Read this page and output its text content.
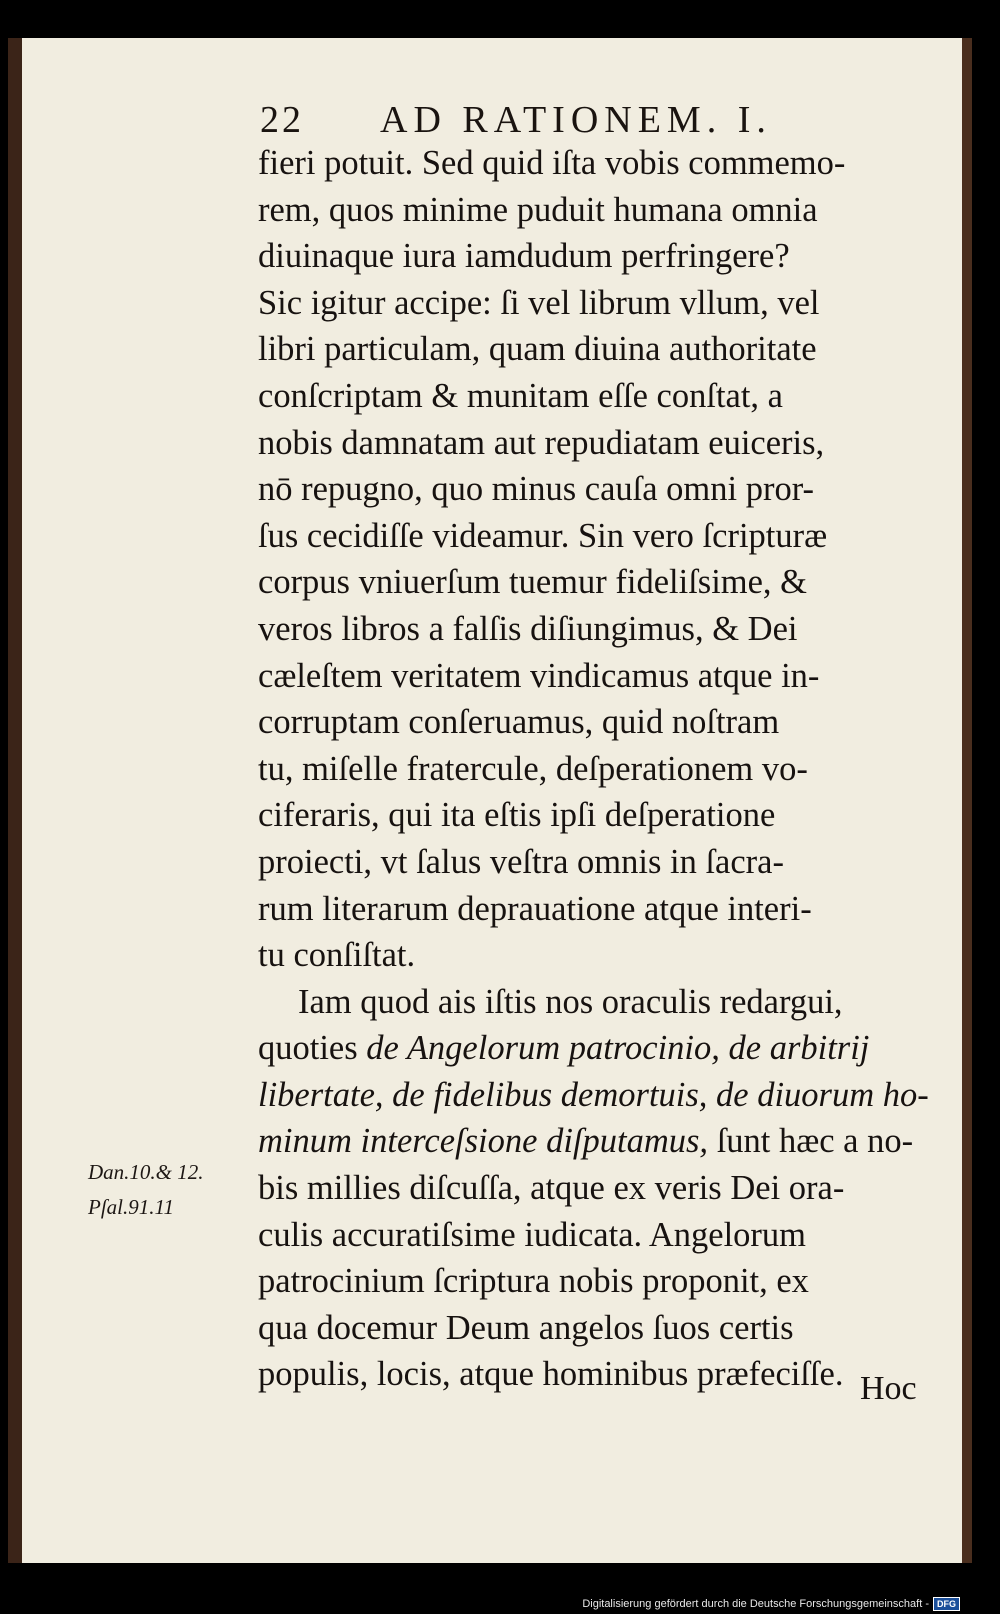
22 AD RATIONEM. I.
fieri potuit. Sed quid iſta vobis commemo-
rem, quos minime puduit humana omnia
diuinaque iura iamdudum perfringere?
Sic igitur accipe: ſi vel librum vllum, vel
libri particulam, quam diuina authoritate
conſcriptam & munitam eſſe conſtat, a
nobis damnatam aut repudiatam euiceris,
nō repugno, quo minus cauſa omni pror-
ſus cecidiſſe videamur. Sin vero ſcripturæ
corpus vniuerſum tuemur fideliſsime, &
veros libros a falſis diſiungimus, & Dei
cæleſtem veritatem vindicamus atque in-
corruptam conſeruamus, quid noſtram
tu, miſelle fratercule, deſperationem vo-
ciferaris, qui ita eſtis ipſi deſperatione
proiecti, vt ſalus veſtra omnis in ſacra-
rum literarum deprauatione atque interi-
tu conſiſtat.
Iam quod ais iſtis nos oraculis redargui,
quoties de Angelorum patrocinio, de arbitrij
libertate, de fidelibus demortuis, de diuorum ho-
minum interceſsione diſputamus, ſunt hæc a no-
bis millies diſcuſſa, atque ex veris Dei ora-
culis accuratiſsime iudicata. Angelorum
patrocinium ſcriptura nobis proponit, ex
qua docemur Deum angelos ſuos certis
populis, locis, atque hominibus præfeciſſe. Hoc
Dan.10.& 12.
Pſal.91.11
Digitalisierung gefördert durch die Deutsche Forschungsgemeinschaft - DFG
